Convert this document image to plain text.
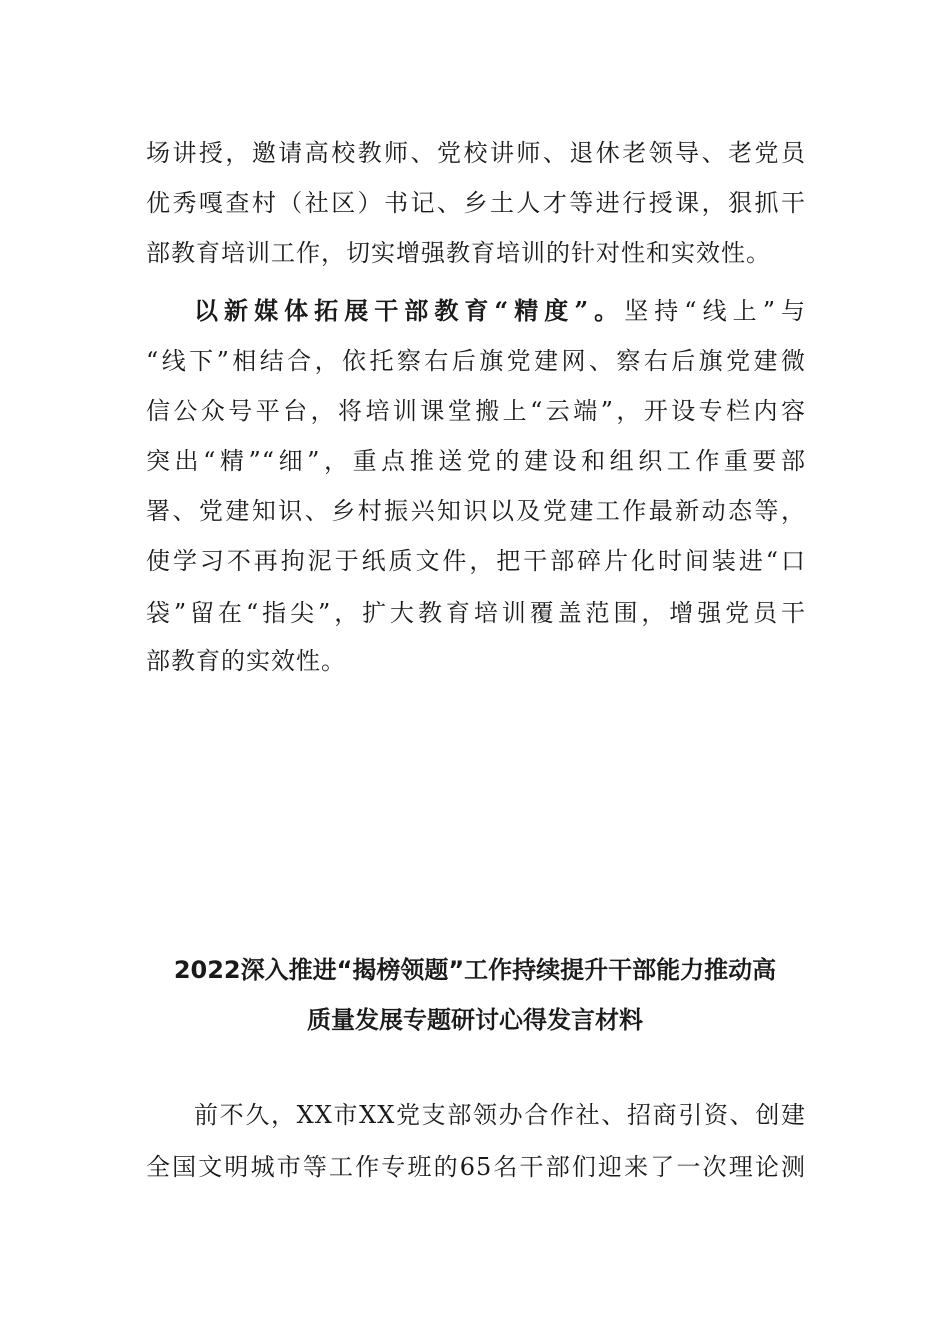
场讲授，邀请高校教师、党校讲师、退休老领导、老党员
优秀嘎查村（社区）书记、乡土人才等进行授课，狠抓干
部教育培训工作，切实增强教育培训的针对性和实效性。
以新媒体拓展干部教育“精度”。坚持“线上”与
“线下”相结合，依托察右后旗党建网、察右后旗党建微
信公众号平台，将培训课堂搬上“云端”，开设专栏内容
突出“精”“细”，重点推送党的建设和组织工作重要部
署、党建知识、乡村振兴知识以及党建工作最新动态等，
使学习不再拘泥于纸质文件，把干部碎片化时间装进“口
袋”留在“指尖”，扩大教育培训覆盖范围，增强党员干
部教育的实效性。
2022深入推进“揭榜领题”工作持续提升干部能力推动高
质量发展专题研讨心得发言材料
前不久，XX市XX党支部领办合作社、招商引资、创建
全国文明城市等工作专班的65名干部们迎来了一次理论测
